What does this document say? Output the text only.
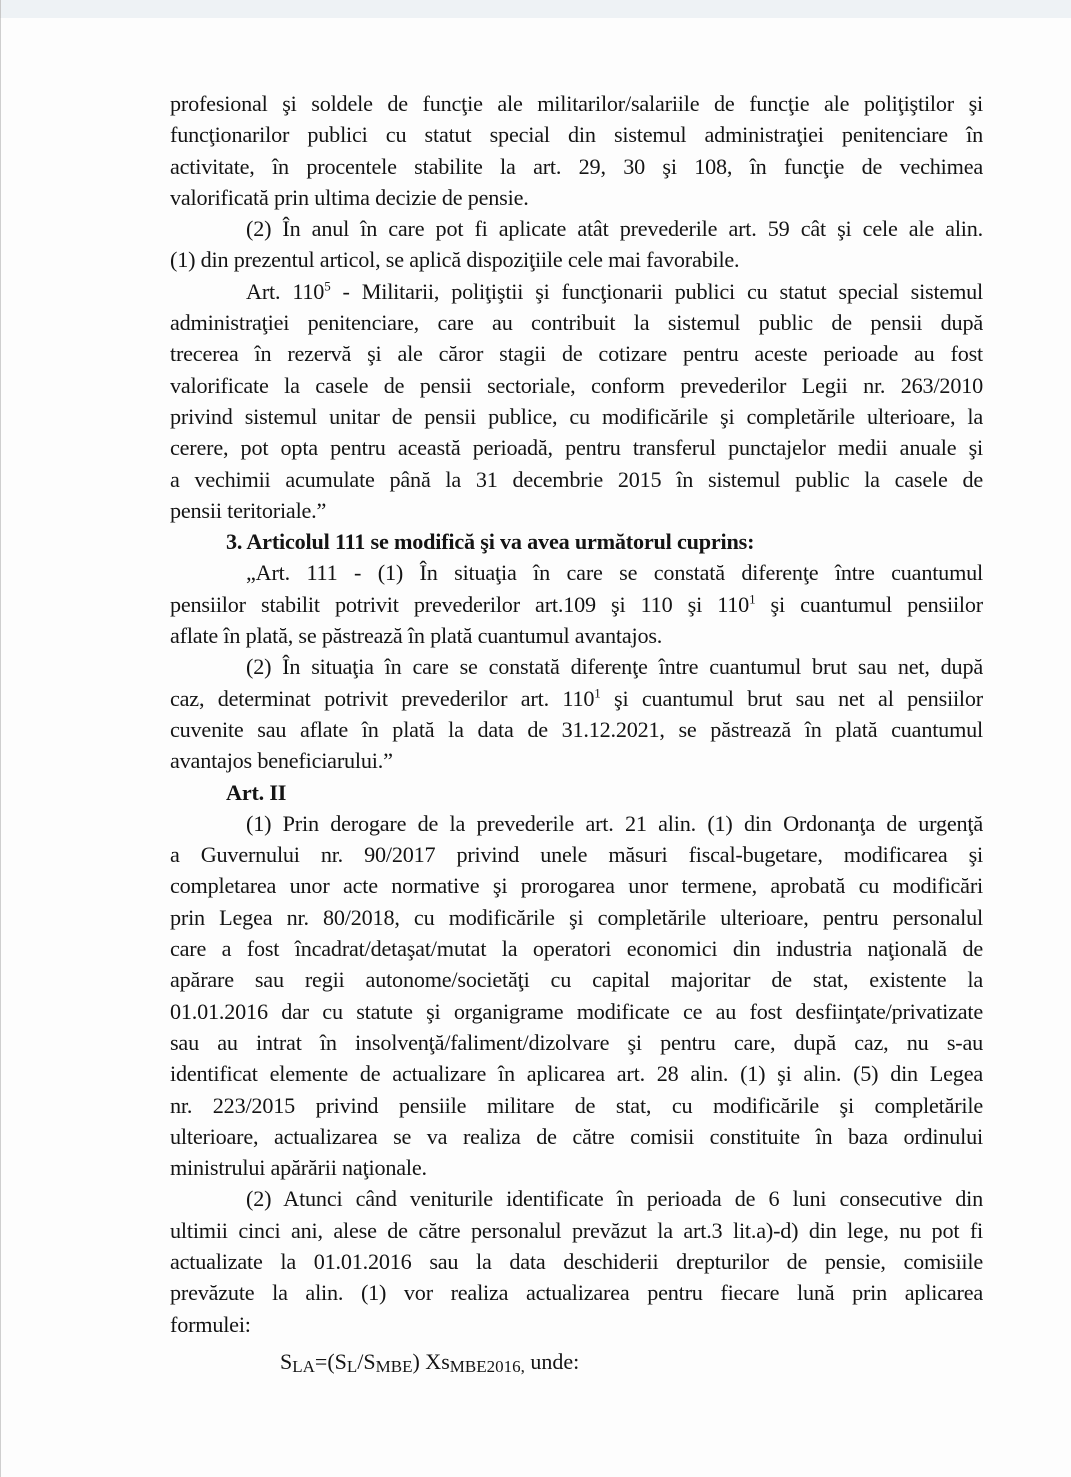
profesional şi soldele de funcţie ale militarilor/salariile de funcţie ale poliţiştilor şi
funcţionarilor publici cu statut special din sistemul administraţiei penitenciare în
activitate, în procentele stabilite la art. 29, 30 şi 108, în funcţie de vechimea
valorificată prin ultima decizie de pensie.
(2) În anul în care pot fi aplicate atât prevederile art. 59 cât şi cele ale alin.
(1) din prezentul articol, se aplică dispoziţiile cele mai favorabile.
Art. $110^5$ - Militarii, poliţiştii şi funcţionarii publici cu statut special sistemul
administraţiei penitenciare, care au contribuit la sistemul public de pensii după
trecerea în rezervă şi ale căror stagii de cotizare pentru aceste perioade au fost
valorificate la casele de pensii sectoriale, conform prevederilor Legii nr. 263/2010
privind sistemul unitar de pensii publice, cu modificările şi completările ulterioare, la
cerere, pot opta pentru această perioadă, pentru transferul punctajelor medii anuale şi
a vechimii acumulate până la 31 decembrie 2015 în sistemul public la casele de
pensii teritoriale.”
3. Articolul 111 se modifică şi va avea următorul cuprins:
„Art. 111 - (1) În situaţia în care se constată diferenţe între cuantumul
pensiilor stabilit potrivit prevederilor art.109 şi 110 şi $110^1$ şi cuantumul pensiilor
aflate în plată, se păstrează în plată cuantumul avantajos.
(2) În situaţia în care se constată diferenţe între cuantumul brut sau net, după
caz, determinat potrivit prevederilor art. $110^1$ şi cuantumul brut sau net al pensiilor
cuvenite sau aflate în plată la data de 31.12.2021, se păstrează în plată cuantumul
avantajos beneficiarului.”
Art. II
(1) Prin derogare de la prevederile art. 21 alin. (1) din Ordonanţa de urgenţă
a Guvernului nr. 90/2017 privind unele măsuri fiscal-bugetare, modificarea şi
completarea unor acte normative şi prorogarea unor termene, aprobată cu modificări
prin Legea nr. 80/2018, cu modificările şi completările ulterioare, pentru personalul
care a fost încadrat/detaşat/mutat la operatori economici din industria naţională de
apărare sau regii autonome/societăţi cu capital majoritar de stat, existente la
01.01.2016 dar cu statute şi organigrame modificate ce au fost desfiinţate/privatizate
sau au intrat în insolvenţă/faliment/dizolvare şi pentru care, după caz, nu s-au
identificat elemente de actualizare în aplicarea art. 28 alin. (1) şi alin. (5) din Legea
nr. 223/2015 privind pensiile militare de stat, cu modificările şi completările
ulterioare, actualizarea se va realiza de către comisii constituite în baza ordinului
ministrului apărării naţionale.
(2) Atunci când veniturile identificate în perioada de 6 luni consecutive din
ultimii cinci ani, alese de către personalul prevăzut la art.3 lit.a)-d) din lege, nu pot fi
actualizate la 01.01.2016 sau la data deschiderii drepturilor de pensie, comisiile
prevăzute la alin. (1) vor realiza actualizarea pentru fiecare lună prin aplicarea
formulei:
$S_{LA}=(S_L/S_{MBE})$ $Xs_{MBE2016,}$ unde:
